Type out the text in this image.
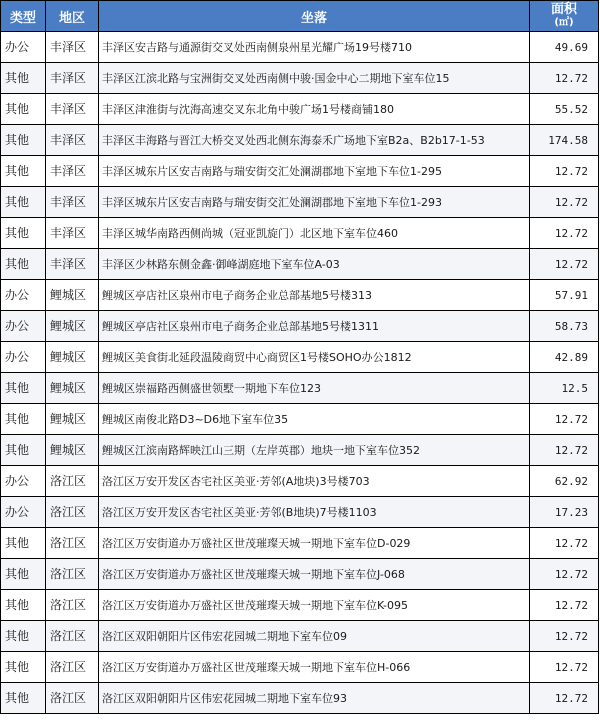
类型	地区	坐落	面积
(㎡)

办公	丰泽区	丰泽区安吉路与通源街交叉处西南侧泉州星光耀广场19号楼710	49.69
其他	丰泽区	丰泽区江滨北路与宝洲街交叉处西南侧中骏·国金中心二期地下室车位15	12.72
其他	丰泽区	丰泽区津淮街与沈海高速交叉东北角中骏广场1号楼商铺180	55.52
其他	丰泽区	丰泽区丰海路与晋江大桥交叉处西北侧东海泰禾广场地下室B2a、B2b17-1-53	174.58
其他	丰泽区	丰泽区城东片区安吉南路与瑞安街交汇处澜湖郡地下室地下车位1-295	12.72
其他	丰泽区	丰泽区城东片区安吉南路与瑞安街交汇处澜湖郡地下室地下车位1-293	12.72
其他	丰泽区	丰泽区城华南路西侧尚城（冠亚凯旋门）北区地下室车位460	12.72
其他	丰泽区	丰泽区少林路东侧金鑫·御峰湖庭地下室车位A-03	12.72
办公	鲤城区	鲤城区亭店社区泉州市电子商务企业总部基地5号楼313	57.91
办公	鲤城区	鲤城区亭店社区泉州市电子商务企业总部基地5号楼1311	58.73
办公	鲤城区	鲤城区美食街北延段温陵商贸中心商贸区1号楼SOHO办公1812	42.89
其他	鲤城区	鲤城区崇福路西侧盛世领墅一期地下车位123	12.5
其他	鲤城区	鲤城区南俊北路D3~D6地下室车位35	12.72
其他	鲤城区	鲤城区江滨南路辉映江山三期（左岸英郡）地块一地下室车位352	12.72
办公	洛江区	洛江区万安开发区杏宅社区美亚·芳邻(A地块)3号楼703	62.92
办公	洛江区	洛江区万安开发区杏宅社区美亚·芳邻(B地块)7号楼1103	17.23
其他	洛江区	洛江区万安街道办万盛社区世茂璀璨天城一期地下室车位D-029	12.72
其他	洛江区	洛江区万安街道办万盛社区世茂璀璨天城一期地下室车位J-068	12.72
其他	洛江区	洛江区万安街道办万盛社区世茂璀璨天城一期地下室车位K-095	12.72
其他	洛江区	洛江区双阳朝阳片区伟宏花园城二期地下室车位09	12.72
其他	洛江区	洛江区万安街道办万盛社区世茂璀璨天城一期地下室车位H-066	12.72
其他	洛江区	洛江区双阳朝阳片区伟宏花园城二期地下室车位93	12.72
